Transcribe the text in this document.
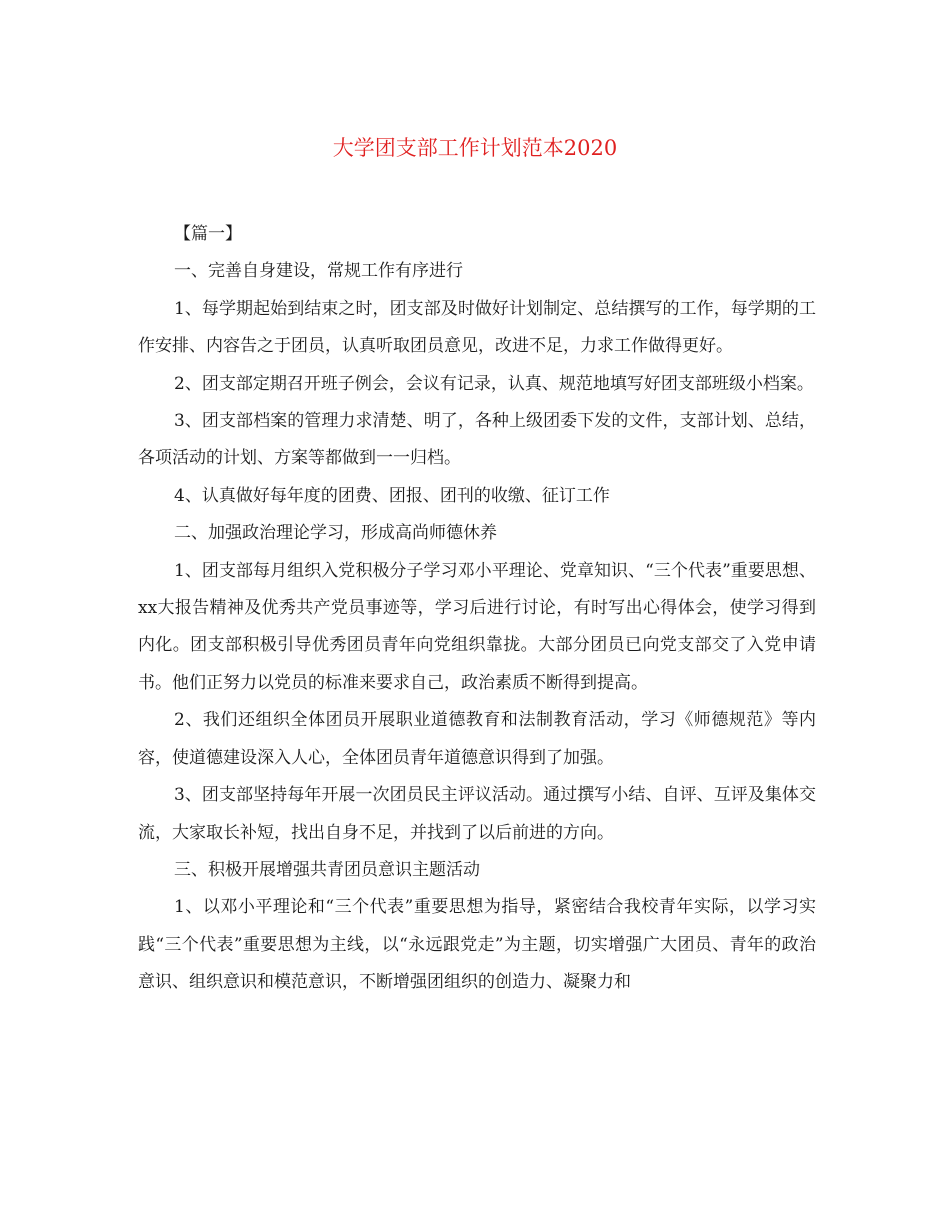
大学团支部工作计划范本2020

【篇一】

一、完善自身建设，常规工作有序进行

1、每学期起始到结束之时，团支部及时做好计划制定、总结撰写的工作，每学期的工作安排、内容告之于团员，认真听取团员意见，改进不足，力求工作做得更好。

2、团支部定期召开班子例会，会议有记录，认真、规范地填写好团支部班级小档案。

3、团支部档案的管理力求清楚、明了，各种上级团委下发的文件，支部计划、总结，各项活动的计划、方案等都做到一一归档。

4、认真做好每年度的团费、团报、团刊的收缴、征订工作

二、加强政治理论学习，形成高尚师德休养

1、团支部每月组织入党积极分子学习邓小平理论、党章知识、“三个代表”重要思想、xx大报告精神及优秀共产党员事迹等，学习后进行讨论，有时写出心得体会，使学习得到内化。团支部积极引导优秀团员青年向党组织靠拢。大部分团员已向党支部交了入党申请书。他们正努力以党员的标准来要求自己，政治素质不断得到提高。

2、我们还组织全体团员开展职业道德教育和法制教育活动，学习《师德规范》等内容，使道德建设深入人心，全体团员青年道德意识得到了加强。

3、团支部坚持每年开展一次团员民主评议活动。通过撰写小结、自评、互评及集体交流，大家取长补短，找出自身不足，并找到了以后前进的方向。

三、积极开展增强共青团员意识主题活动

1、以邓小平理论和“三个代表”重要思想为指导，紧密结合我校青年实际，以学习实践“三个代表”重要思想为主线，以“永远跟党走”为主题，切实增强广大团员、青年的政治意识、组织意识和模范意识，不断增强团组织的创造力、凝聚力和
